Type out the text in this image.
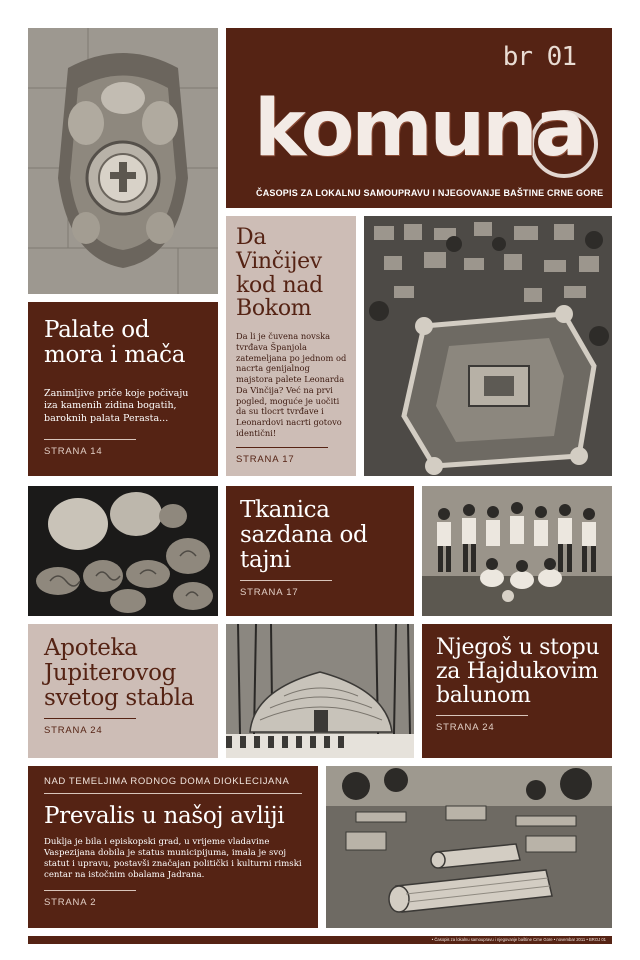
br 01
komuna
ČASOPIS ZA LOKALNU SAMOUPRAVU I NJEGOVANJE BAŠTINE CRNE GORE
Palate od mora i mača
Zanimljive priče koje počivaju iza kamenih zidina bogatih, baroknih palata Perasta...
STRANA 14
Da Vinčijev kod nad Bokom
Da li je čuvena novska tvrđava Španjola zatemeljana po jednom od nacrta genijalnog majstora palete Leonarda Da Vinčija? Već na prvi pogled, moguće je uočiti da su tlocrt tvrđave i Leonardovi nacrti gotovo identični!
STRANA 17
Tkanica sazdana od tajni
STRANA 17
Apoteka Jupiterovog svetog stabla
STRANA 24
Njegoš u stopu za Hajdukovim balunom
STRANA 24
NAD TEMELJIMA RODNOG DOMA DIOKLECIJANA
Prevalis u našoj avliji
Duklja je bila i episkopski grad, u vrijeme vladavine Vaspezijana dobila je status municipijuma, imala je svoj statut i upravu, postavši značajan politički i kulturni rimski centar na istočnim obalama Jadrana.
STRANA 2
• Časopis za lokalnu samoupravu i njegovanje baštine Crne Gore • novembar 2011 • BROJ 01
